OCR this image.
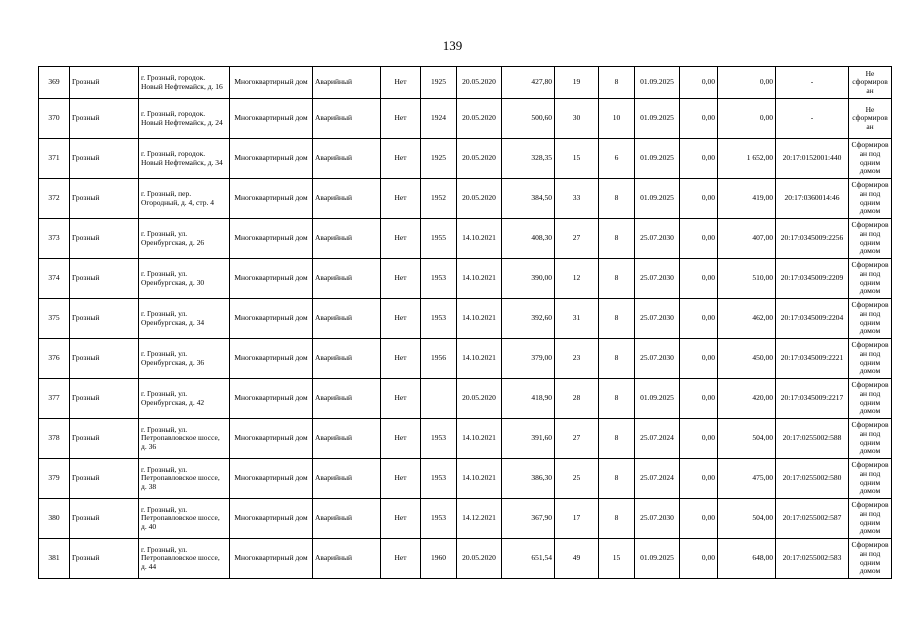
139
369	Грозный	г. Грозный, городок. Новый Нефтемайск, д. 16	Многоквартирный дом	Аварийный	Нет	1925	20.05.2020	427,80	19	8	01.09.2025	0,00	0,00	-	Не сформирован
370	Грозный	г. Грозный, городок. Новый Нефтемайск, д. 24	Многоквартирный дом	Аварийный	Нет	1924	20.05.2020	500,60	30	10	01.09.2025	0,00	0,00	-	Не сформирован
371	Грозный	г. Грозный, городок. Новый Нефтемайск, д. 34	Многоквартирный дом	Аварийный	Нет	1925	20.05.2020	328,35	15	6	01.09.2025	0,00	1 652,00	20:17:0152001:440	Сформирован под одним домом
372	Грозный	г. Грозный, пер. Огородный, д. 4, стр. 4	Многоквартирный дом	Аварийный	Нет	1952	20.05.2020	384,50	33	8	01.09.2025	0,00	419,00	20:17:0360014:46	Сформирован под одним домом
373	Грозный	г. Грозный, ул. Оренбургская, д. 26	Многоквартирный дом	Аварийный	Нет	1955	14.10.2021	408,30	27	8	25.07.2030	0,00	407,00	20:17:0345009:2256	Сформирован под одним домом
374	Грозный	г. Грозный, ул. Оренбургская, д. 30	Многоквартирный дом	Аварийный	Нет	1953	14.10.2021	390,00	12	8	25.07.2030	0,00	510,00	20:17:0345009:2209	Сформирован под одним домом
375	Грозный	г. Грозный, ул. Оренбургская, д. 34	Многоквартирный дом	Аварийный	Нет	1953	14.10.2021	392,60	31	8	25.07.2030	0,00	462,00	20:17:0345009:2204	Сформирован под одним домом
376	Грозный	г. Грозный, ул. Оренбургская, д. 36	Многоквартирный дом	Аварийный	Нет	1956	14.10.2021	379,00	23	8	25.07.2030	0,00	450,00	20:17:0345009:2221	Сформирован под одним домом
377	Грозный	г. Грозный, ул. Оренбургская, д. 42	Многоквартирный дом	Аварийный	Нет		20.05.2020	418,90	28	8	01.09.2025	0,00	420,00	20:17:0345009:2217	Сформирован под одним домом
378	Грозный	г. Грозный, ул. Петропавловское шоссе, д. 36	Многоквартирный дом	Аварийный	Нет	1953	14.10.2021	391,60	27	8	25.07.2024	0,00	504,00	20:17:0255002:588	Сформирован под одним домом
379	Грозный	г. Грозный, ул. Петропавловское шоссе, д. 38	Многоквартирный дом	Аварийный	Нет	1953	14.10.2021	386,30	25	8	25.07.2024	0,00	475,00	20:17:0255002:580	Сформирован под одним домом
380	Грозный	г. Грозный, ул. Петропавловское шоссе, д. 40	Многоквартирный дом	Аварийный	Нет	1953	14.12.2021	367,90	17	8	25.07.2030	0,00	504,00	20:17:0255002:587	Сформирован под одним домом
381	Грозный	г. Грозный, ул. Петропавловское шоссе, д. 44	Многоквартирный дом	Аварийный	Нет	1960	20.05.2020	651,54	49	15	01.09.2025	0,00	648,00	20:17:0255002:583	Сформирован под одним домом
